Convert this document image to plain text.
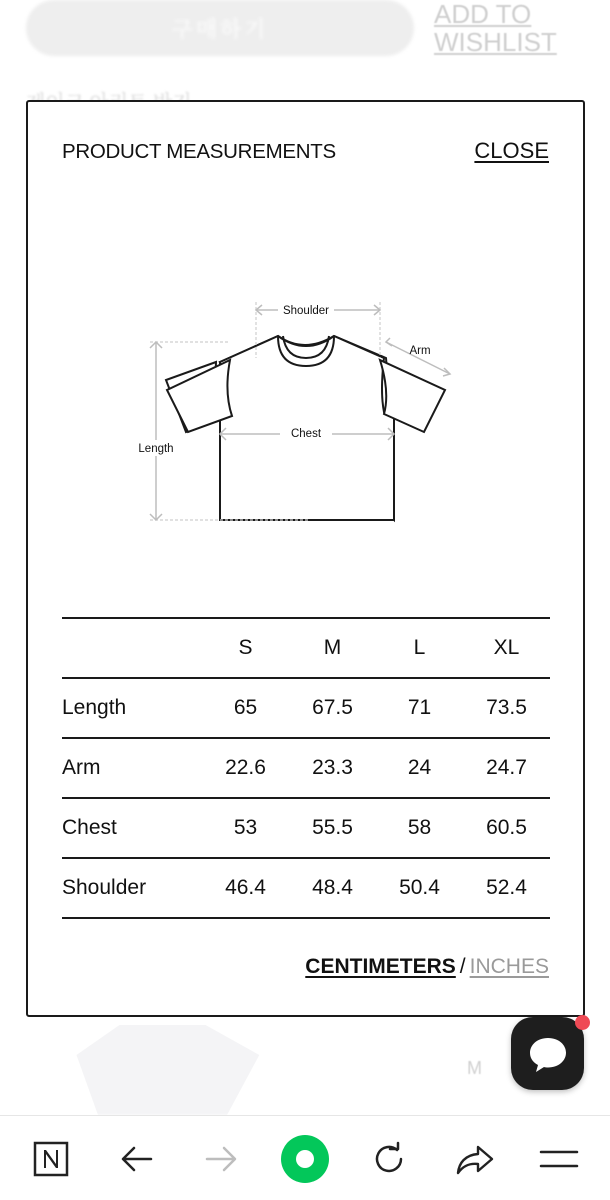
구매하기	ADD TO WISHLIST
M
PRODUCT MEASUREMENTS	CLOSE
Shoulder
Arm
Chest
Length
	S	M	L	XL
Length	65	67.5	71	73.5
Arm	22.6	23.3	24	24.7
Chest	53	55.5	58	60.5
Shoulder	46.4	48.4	50.4	52.4
CENTIMETERS / INCHES
